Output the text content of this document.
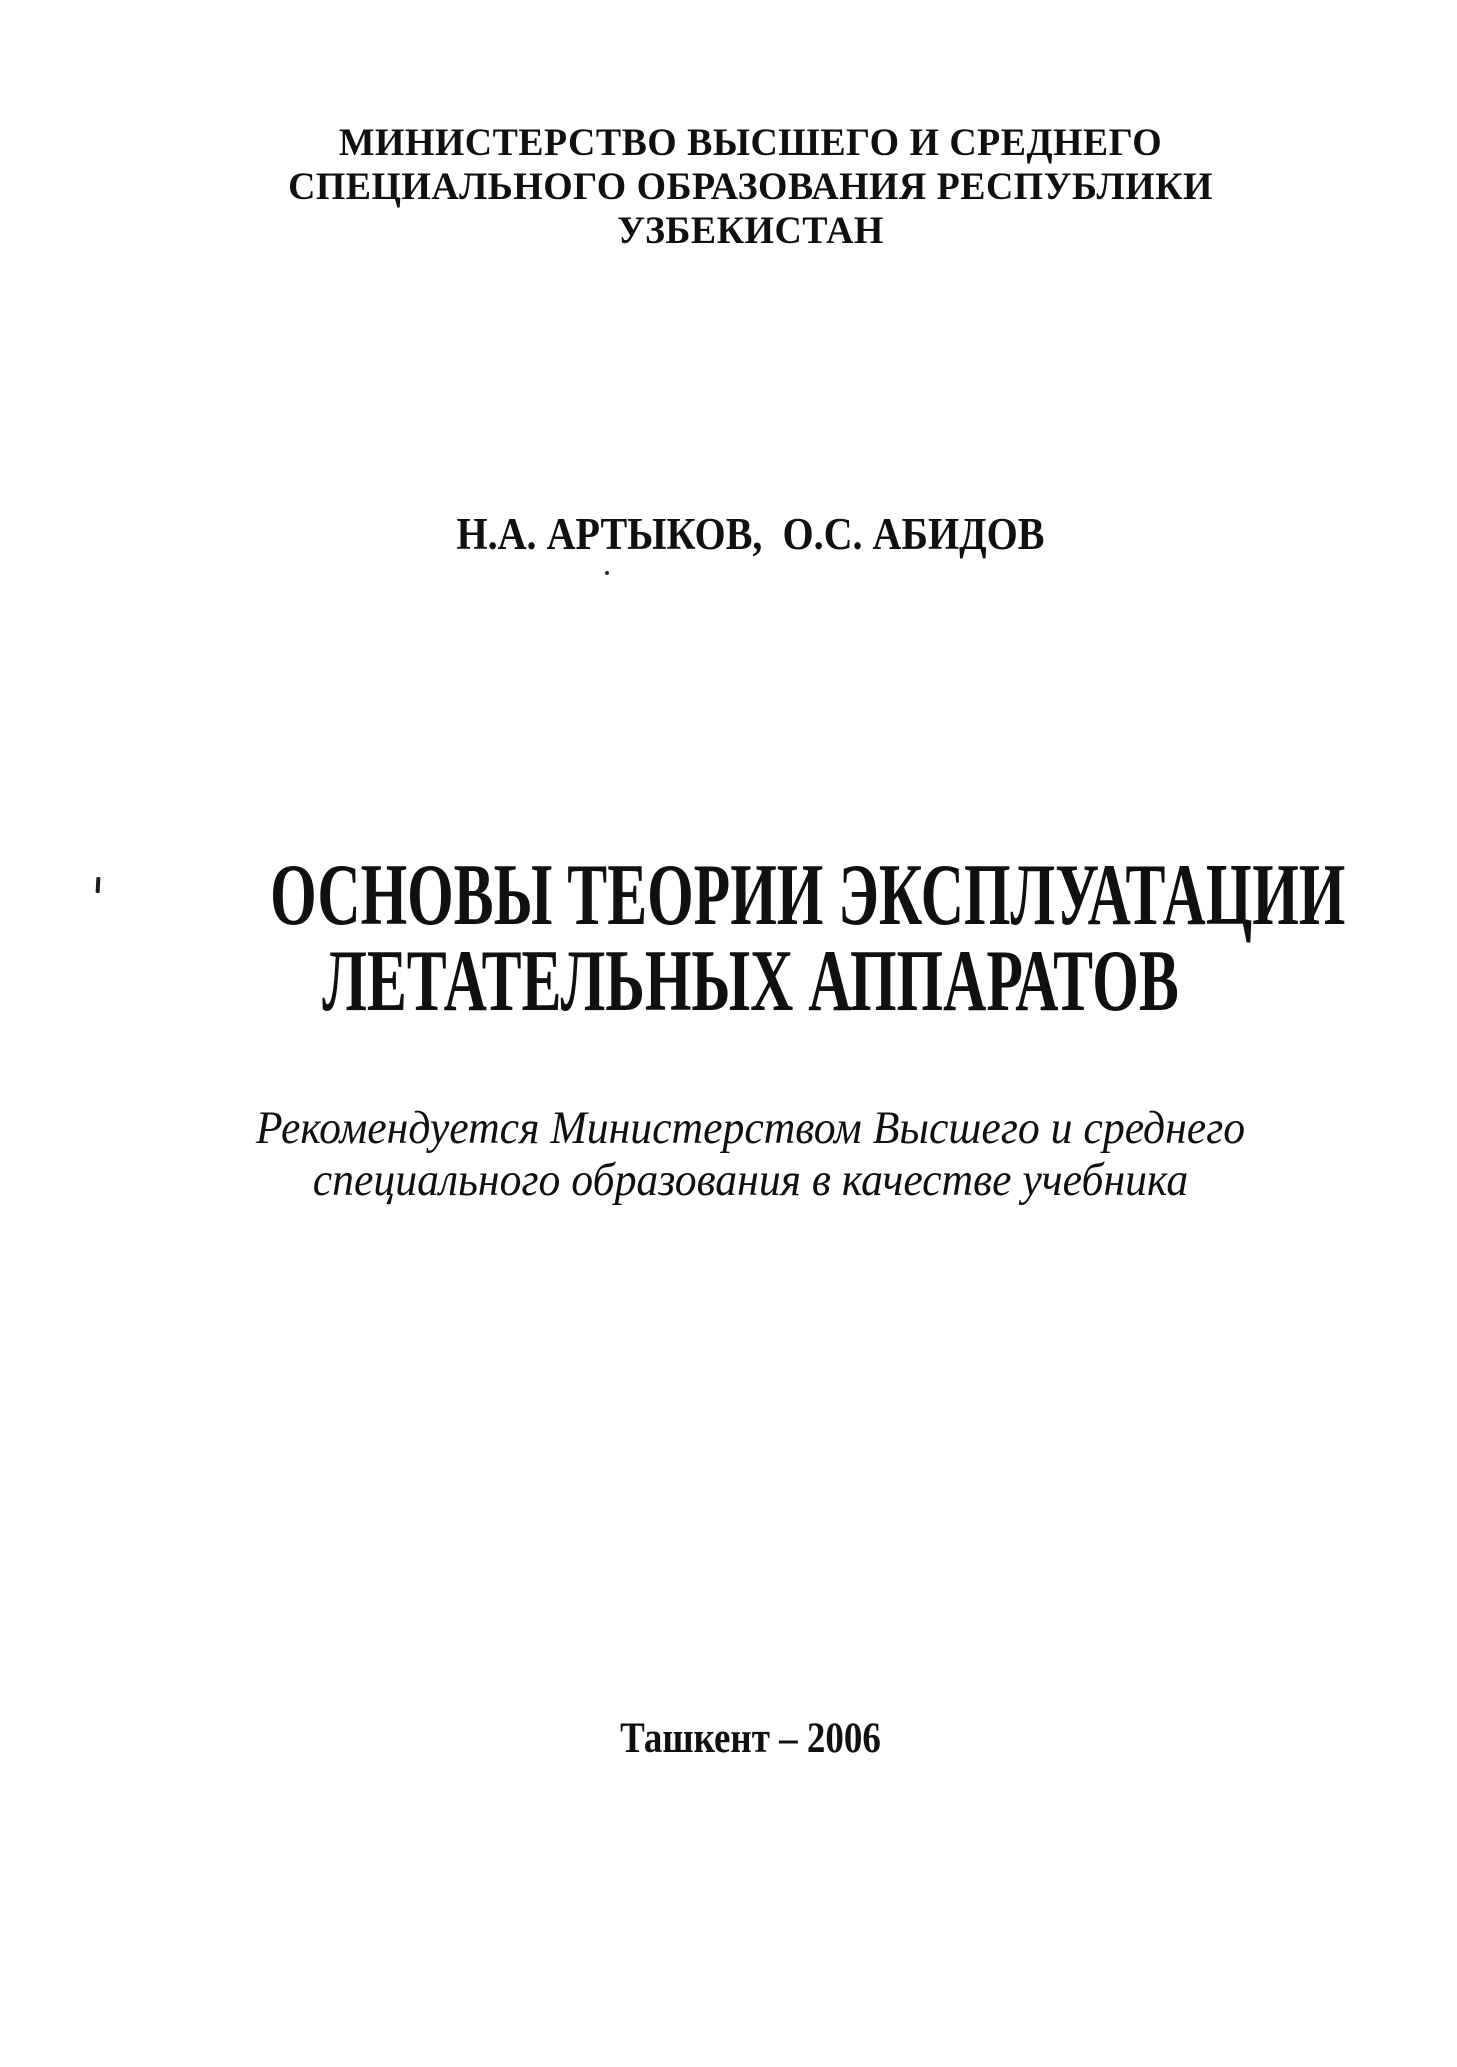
МИНИСТЕРСТВО ВЫСШЕГО И СРЕДНЕГО
СПЕЦИАЛЬНОГО ОБРАЗОВАНИЯ РЕСПУБЛИКИ
УЗБЕКИСТАН
Н.А. АРТЫКОВ,  О.С. АБИДОВ
ОСНОВЫ ТЕОРИИ ЭКСПЛУАТАЦИИ
ЛЕТАТЕЛЬНЫХ АППАРАТОВ
Рекомендуется Министерством Высшего и среднего
специального образования в качестве учебника
Ташкент – 2006
